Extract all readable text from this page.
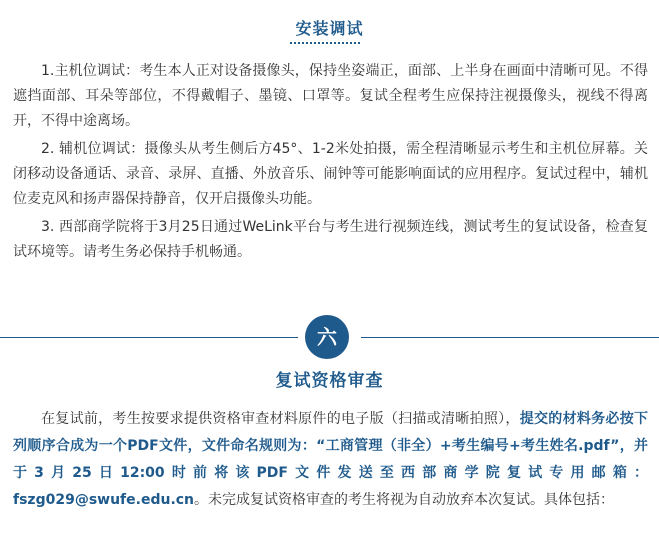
安装调试

1.主机位调试：考生本人正对设备摄像头，保持坐姿端正，面部、上半身在画面中清晰可见。不得遮挡面部、耳朵等部位，不得戴帽子、墨镜、口罩等。复试全程考生应保持注视摄像头，视线不得离开，不得中途离场。

2. 辅机位调试：摄像头从考生侧后方45°、1-2米处拍摄，需全程清晰显示考生和主机位屏幕。关闭移动设备通话、录音、录屏、直播、外放音乐、闹钟等可能影响面试的应用程序。复试过程中，辅机位麦克风和扬声器保持静音，仅开启摄像头功能。

3. 西部商学院将于3月25日通过WeLink平台与考生进行视频连线，测试考生的复试设备，检查复试环境等。请考生务必保持手机畅通。

六
复试资格审查

在复试前，考生按要求提供资格审查材料原件的电子版（扫描或清晰拍照），提交的材料务必按下列顺序合成为一个PDF文件，文件命名规则为：“工商管理（非全）+考生编号+考生姓名.pdf”，并于3月25日12:00时前将该PDF文件发送至西部商学院复试专用邮箱：fszg029@swufe.edu.cn。未完成复试资格审查的考生将视为自动放弃本次复试。具体包括：
